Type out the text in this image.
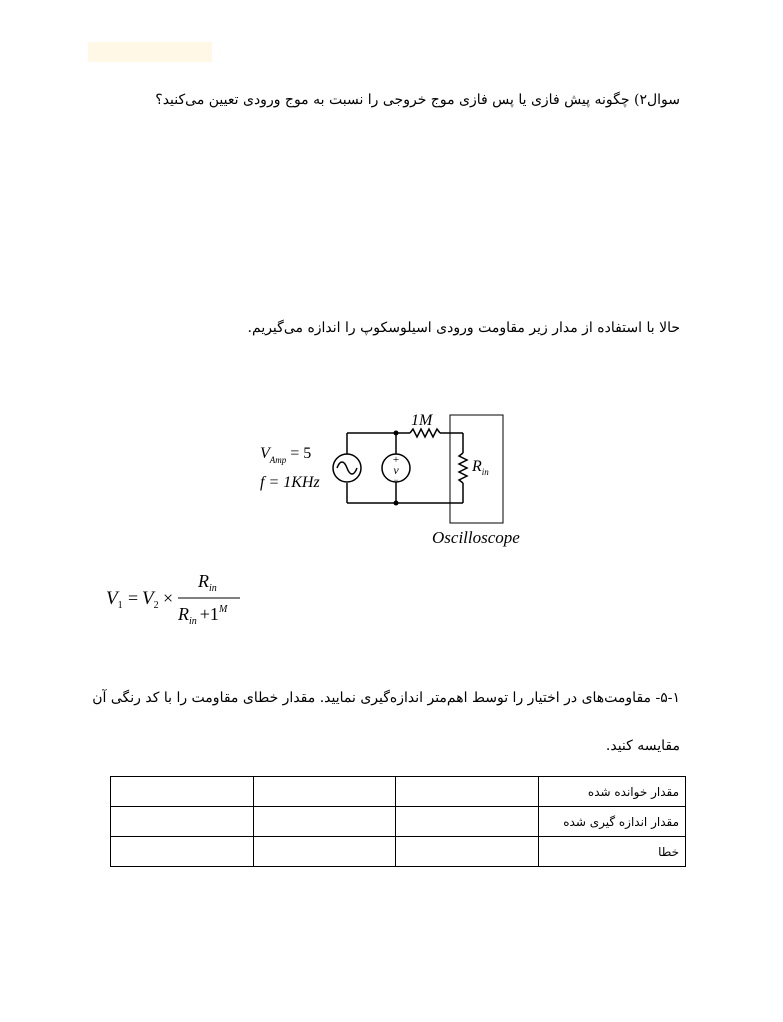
سوال۲) چگونه پیش فازی یا پس فازی موج خروجی را نسبت به موج ورودی تعیین می‌کنید؟
حالا با استفاده از مدار زیر مقاومت ورودی اسیلوسکوپ را اندازه می‌گیریم.
+
v
−
1M
$R_{in}$
$V_{Amp} = 5$
f = 1KHz
Oscilloscope
$V_1 = V_2$ ×
$R_{in}$
$R_{in} +1^M$
۵-۱- مقاومت‌های در اختیار را توسط اهم‌متر اندازه‌گیری نمایید. مقدار خطای مقاومت را با کد رنگی آن
مقایسه کنید.
			مقدار خوانده شده
			مقدار اندازه گیری شده
			خطا
